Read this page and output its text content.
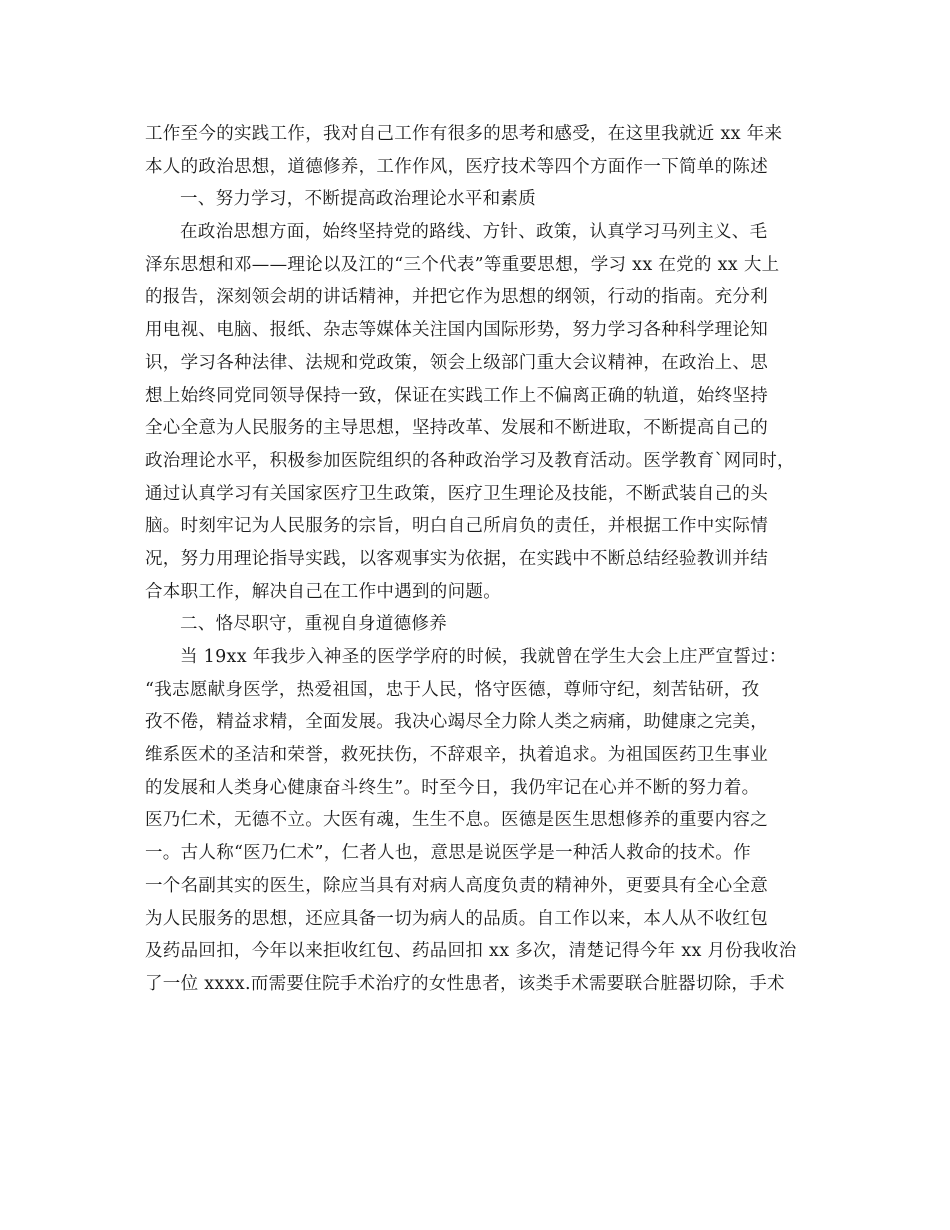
工作至今的实践工作，我对自己工作有很多的思考和感受，在这里我就近 xx 年来
本人的政治思想，道德修养，工作作风，医疗技术等四个方面作一下简单的陈述
一、努力学习，不断提高政治理论水平和素质
在政治思想方面，始终坚持党的路线、方针、政策，认真学习马列主义、毛
泽东思想和邓——理论以及江的“三个代表”等重要思想，学习 xx 在党的 xx 大上
的报告，深刻领会胡的讲话精神，并把它作为思想的纲领，行动的指南。充分利
用电视、电脑、报纸、杂志等媒体关注国内国际形势，努力学习各种科学理论知
识，学习各种法律、法规和党政策，领会上级部门重大会议精神，在政治上、思
想上始终同党同领导保持一致，保证在实践工作上不偏离正确的轨道，始终坚持
全心全意为人民服务的主导思想，坚持改革、发展和不断进取，不断提高自己的
政治理论水平，积极参加医院组织的各种政治学习及教育活动。医学教育`网同时，
通过认真学习有关国家医疗卫生政策，医疗卫生理论及技能，不断武装自己的头
脑。时刻牢记为人民服务的宗旨，明白自己所肩负的责任，并根据工作中实际情
况，努力用理论指导实践，以客观事实为依据，在实践中不断总结经验教训并结
合本职工作，解决自己在工作中遇到的问题。
二、恪尽职守，重视自身道德修养
当 19xx 年我步入神圣的医学学府的时候，我就曾在学生大会上庄严宣誓过：
“我志愿献身医学，热爱祖国，忠于人民，恪守医德，尊师守纪，刻苦钻研，孜
孜不倦，精益求精，全面发展。我决心竭尽全力除人类之病痛，助健康之完美，
维系医术的圣洁和荣誉，救死扶伤，不辞艰辛，执着追求。为祖国医药卫生事业
的发展和人类身心健康奋斗终生”。时至今日，我仍牢记在心并不断的努力着。
医乃仁术，无德不立。大医有魂，生生不息。医德是医生思想修养的重要内容之
一。古人称“医乃仁术”，仁者人也，意思是说医学是一种活人救命的技术。作
一个名副其实的医生，除应当具有对病人高度负责的精神外，更要具有全心全意
为人民服务的思想，还应具备一切为病人的品质。自工作以来，本人从不收红包
及药品回扣，今年以来拒收红包、药品回扣 xx 多次，清楚记得今年 xx 月份我收治
了一位 xxxx.而需要住院手术治疗的女性患者，该类手术需要联合脏器切除，手术
